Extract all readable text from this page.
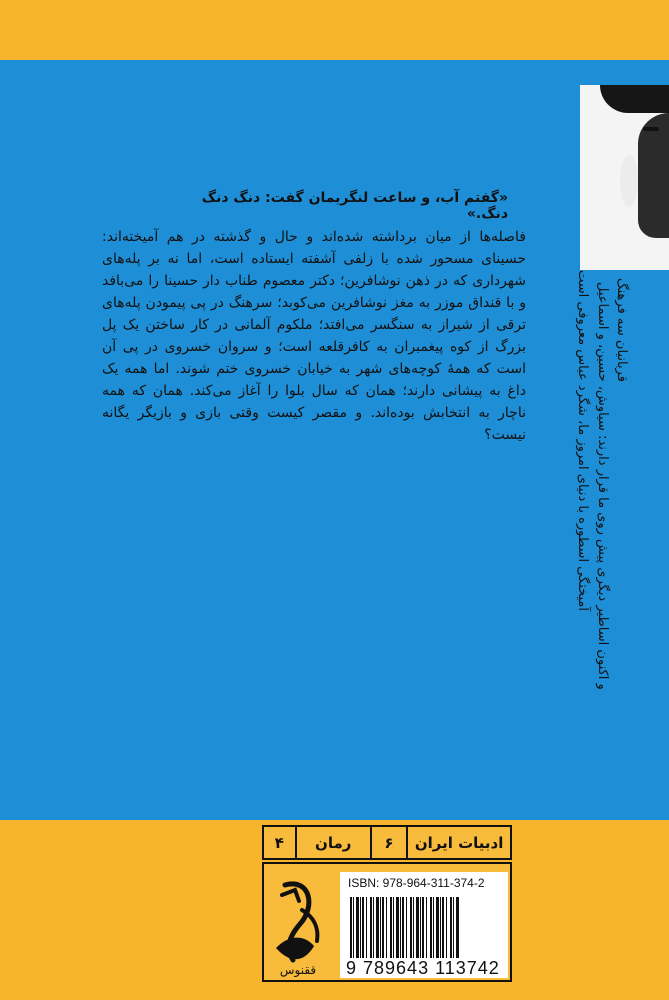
آمیختگی اسطوره با دنیای امروز ما، شگرد عباس معروفی است و اکنون اساطیر دیگری پیش روی ما قرار دارند: سیاوش، حسین، و اسماعیل قربانیان سه فرهنگ
«گفتم آب، و ساعت لنگریمان گفت: دنگ دنگ دنگ.»
فاصله‌ها از میان برداشته شده‌اند و حال و گذشته در هم آمیخته‌اند: حسینای مسحور شده با زلفی آشفته ایستاده است، اما نه بر پله‌های شهرداری که در ذهن نوشافرین؛ دکتر معصوم طناب دار حسینا را می‌بافد و با قنداق موزر به مغز نوشافرین می‌کوبد؛ سرهنگ در پی پیمودن پله‌های ترقی از شیراز به سنگسر می‌افتد؛ ملکوم آلمانی در کار ساختن یک پل بزرگ از کوه پیغمبران به کافرقلعه است؛ و سروان خسروی در پی آن است که همهٔ کوچه‌های شهر به خیابان خسروی ختم شوند. اما همه یک داغ به پیشانی دارند؛ همان که سال بلوا را آغاز می‌کند. همان که همه ناچار به انتخابش بوده‌اند. و مقصر کیست وقتی بازی و بازیگر یگانه نیست؟
ادبیات ایران
۶
رمان
۴
ققنوس
ISBN: 978-964-311-374-2
9 789643 113742
